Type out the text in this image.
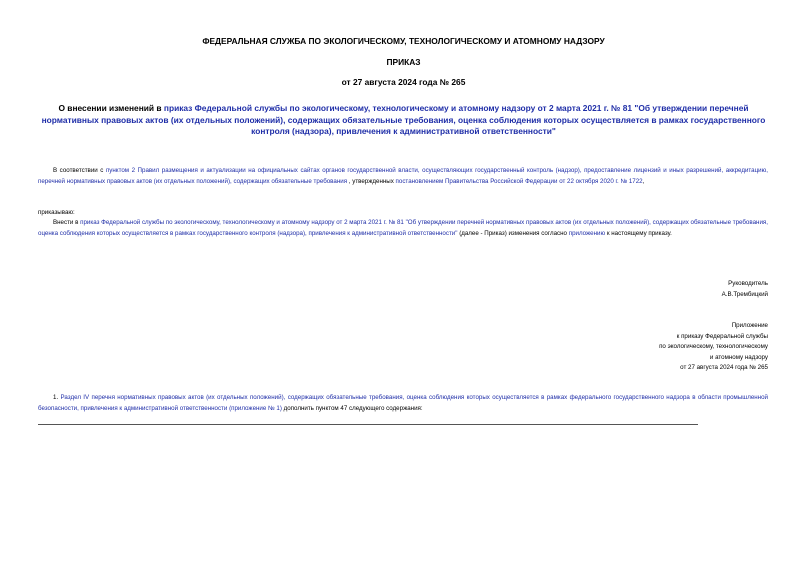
ФЕДЕРАЛЬНАЯ СЛУЖБА ПО ЭКОЛОГИЧЕСКОМУ, ТЕХНОЛОГИЧЕСКОМУ И АТОМНОМУ НАДЗОРУ
ПРИКАЗ
от 27 августа 2024 года № 265
О внесении изменений в приказ Федеральной службы по экологическому, технологическому и атомному надзору от 2 марта 2021 г. № 81 "Об утверждении перечней нормативных правовых актов (их отдельных положений), содержащих обязательные требования, оценка соблюдения которых осуществляется в рамках государственного контроля (надзора), привлечения к административной ответственности"
В соответствии с пунктом 2 Правил размещения и актуализации на официальных сайтах органов государственной власти, осуществляющих государственный контроль (надзор), предоставление лицензий и иных разрешений, аккредитацию, перечней нормативных правовых актов (их отдельных положений), содержащих обязательные требования , утвержденных постановлением Правительства Российской Федерации от 22 октября 2020 г. № 1722,
приказываю:
Внести в приказ Федеральной службы по экологическому, технологическому и атомному надзору от 2 марта 2021 г. № 81 "Об утверждении перечней нормативных правовых актов (их отдельных положений), содержащих обязательные требования, оценка соблюдения которых осуществляется в рамках государственного контроля (надзора), привлечения к административной ответственности" (далее - Приказ) изменения согласно приложению к настоящему приказу.
Руководитель
А.В.Трембицкий
Приложение
к приказу Федеральной службы
по экологическому, технологическому
и атомному надзору
от 27 августа 2024 года № 265
1. Раздел IV перечня нормативных правовых актов (их отдельных положений), содержащих обязательные требования, оценка соблюдения которых осуществляется в рамках федерального государственного надзора в области промышленной безопасности, привлечения к административной ответственности (приложение № 1) дополнить пунктом 47 следующего содержания:
